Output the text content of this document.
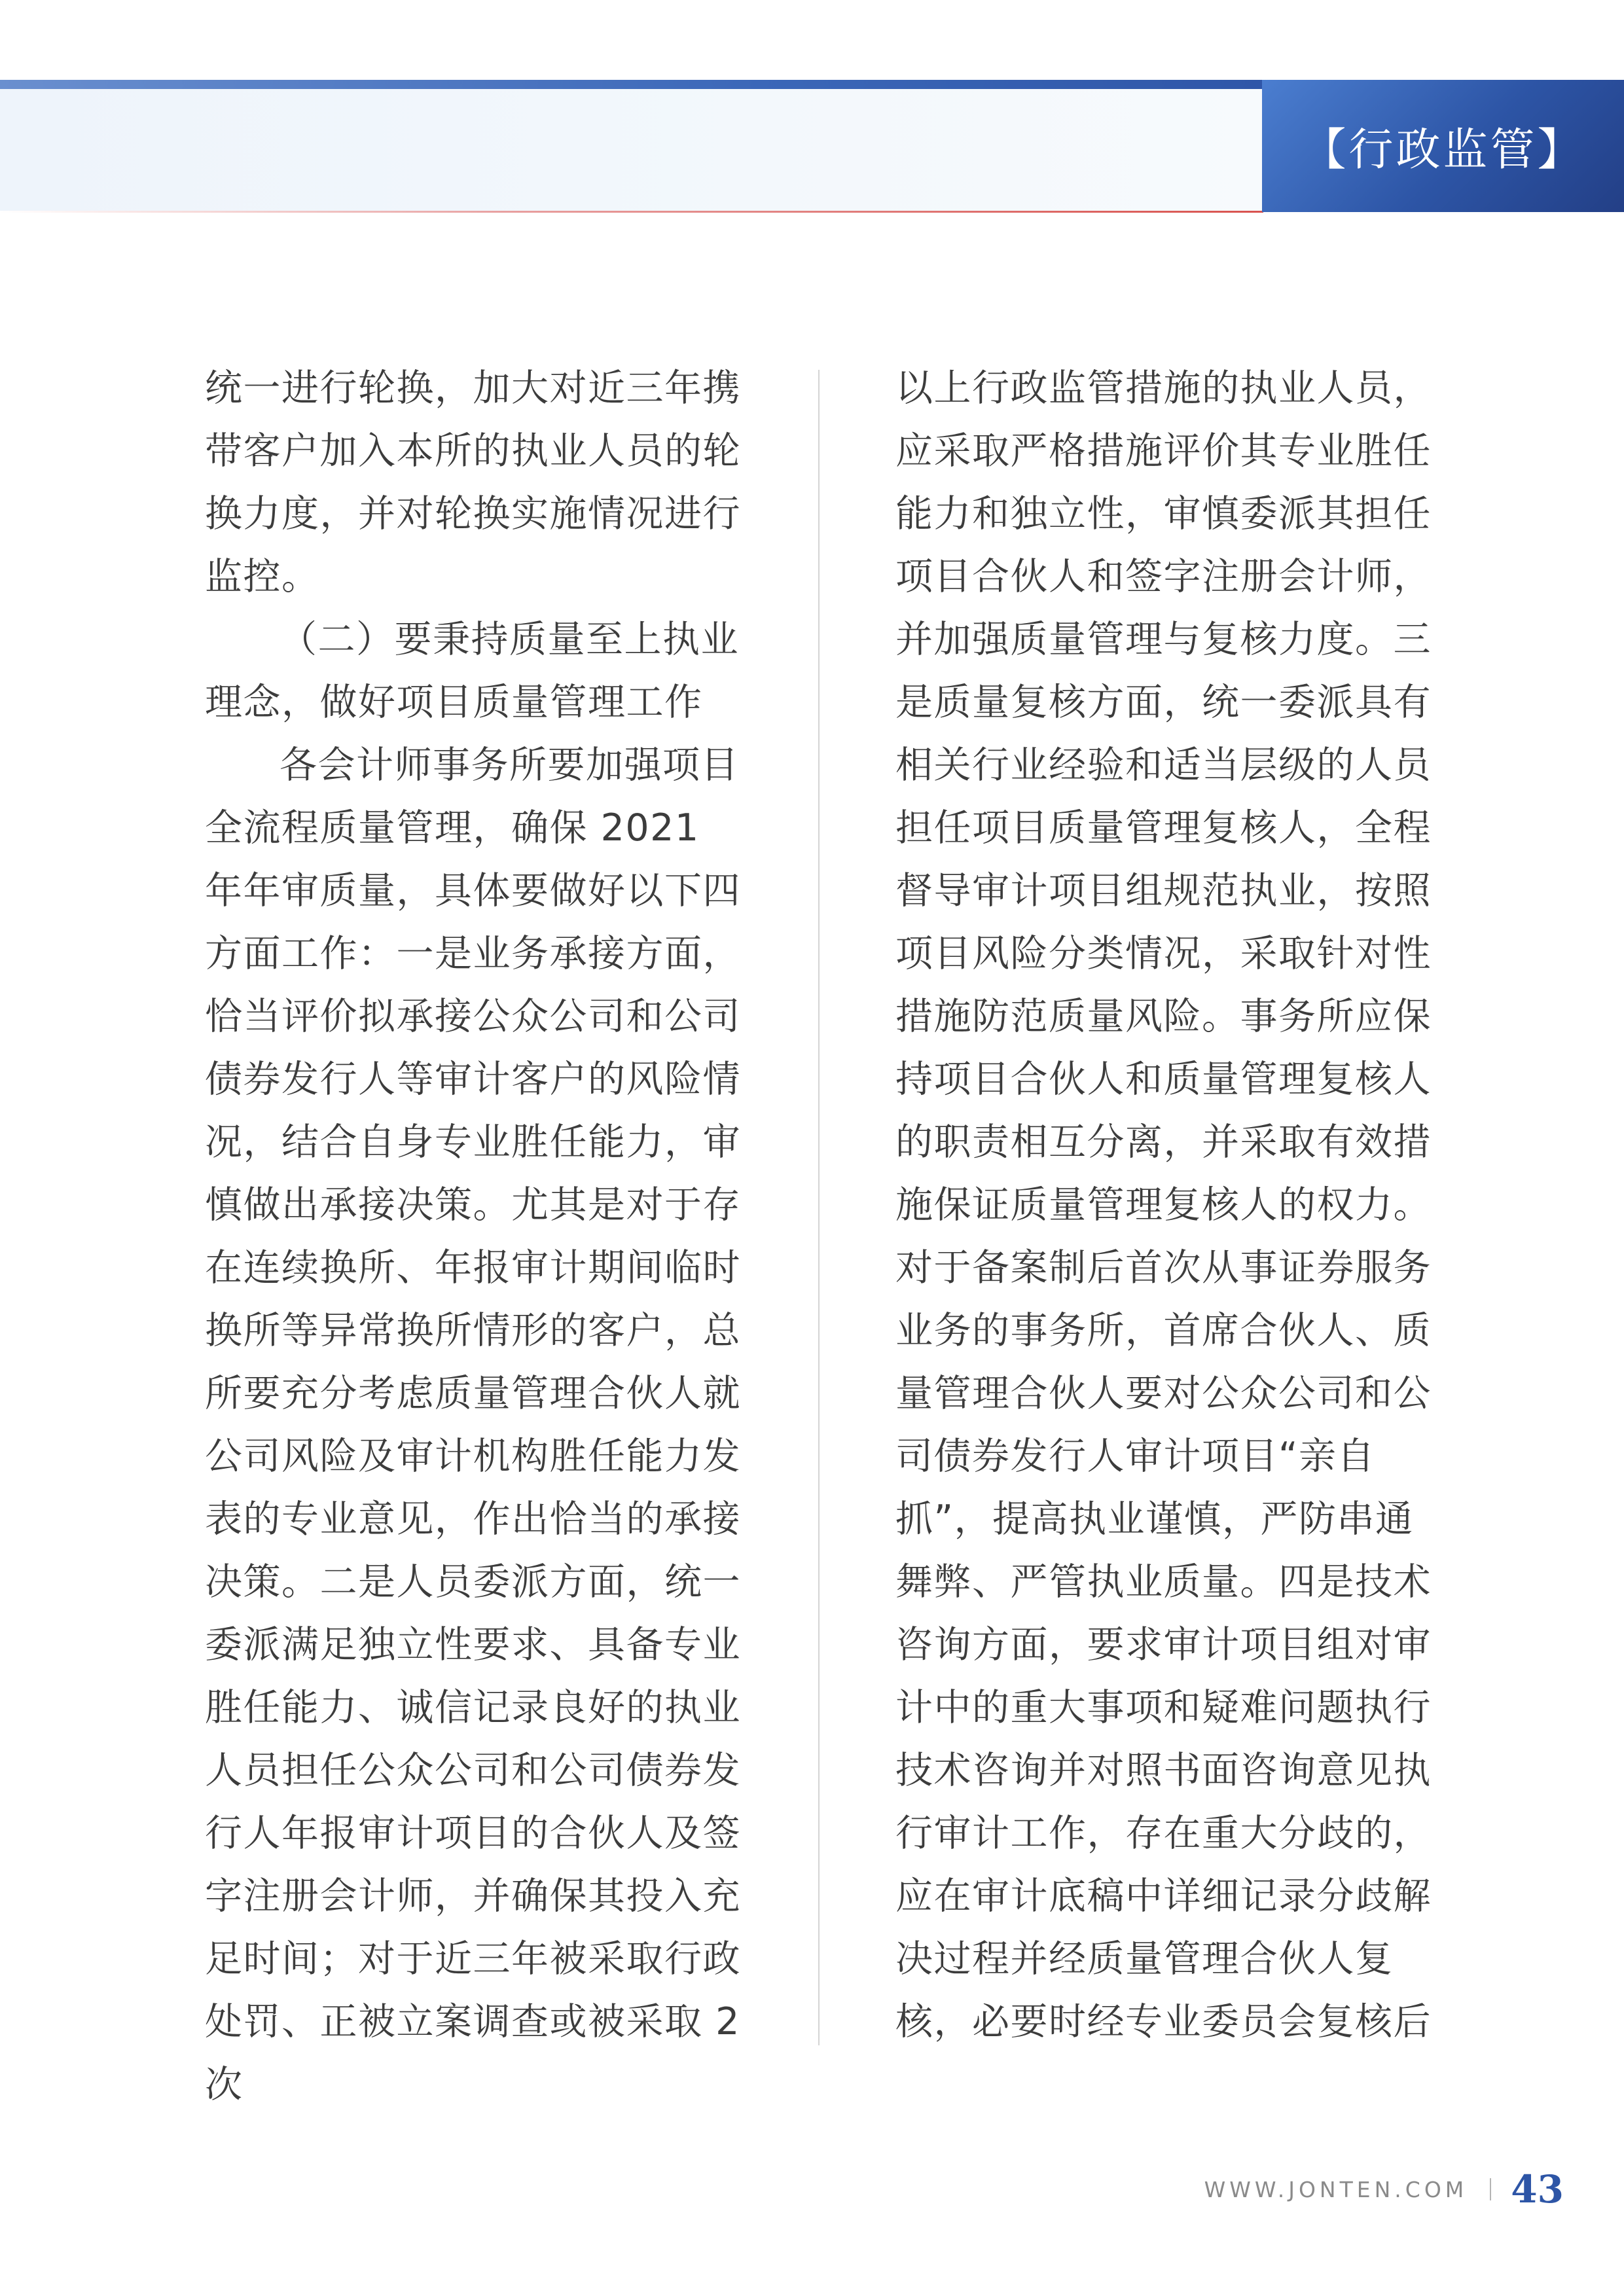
【行政监管】

统一进行轮换，加大对近三年携带客户加入本所的执业人员的轮换力度，并对轮换实施情况进行监控。

（二）要秉持质量至上执业理念，做好项目质量管理工作

各会计师事务所要加强项目全流程质量管理，确保 2021 年年审质量，具体要做好以下四方面工作：一是业务承接方面，恰当评价拟承接公众公司和公司债券发行人等审计客户的风险情况，结合自身专业胜任能力，审慎做出承接决策。尤其是对于存在连续换所、年报审计期间临时换所等异常换所情形的客户，总所要充分考虑质量管理合伙人就公司风险及审计机构胜任能力发表的专业意见，作出恰当的承接决策。二是人员委派方面，统一委派满足独立性要求、具备专业胜任能力、诚信记录良好的执业人员担任公众公司和公司债券发行人年报审计项目的合伙人及签字注册会计师，并确保其投入充足时间；对于近三年被采取行政处罚、正被立案调查或被采取 2 次

以上行政监管措施的执业人员，应采取严格措施评价其专业胜任能力和独立性，审慎委派其担任项目合伙人和签字注册会计师，并加强质量管理与复核力度。三是质量复核方面，统一委派具有相关行业经验和适当层级的人员担任项目质量管理复核人，全程督导审计项目组规范执业，按照项目风险分类情况，采取针对性措施防范质量风险。事务所应保持项目合伙人和质量管理复核人的职责相互分离，并采取有效措施保证质量管理复核人的权力。对于备案制后首次从事证券服务业务的事务所，首席合伙人、质量管理合伙人要对公众公司和公司债券发行人审计项目“亲自抓”，提高执业谨慎，严防串通舞弊、严管执业质量。四是技术咨询方面，要求审计项目组对审计中的重大事项和疑难问题执行技术咨询并对照书面咨询意见执行审计工作，存在重大分歧的，应在审计底稿中详细记录分歧解决过程并经质量管理合伙人复核，必要时经专业委员会复核后

WWW.JONTEN.COM 43
